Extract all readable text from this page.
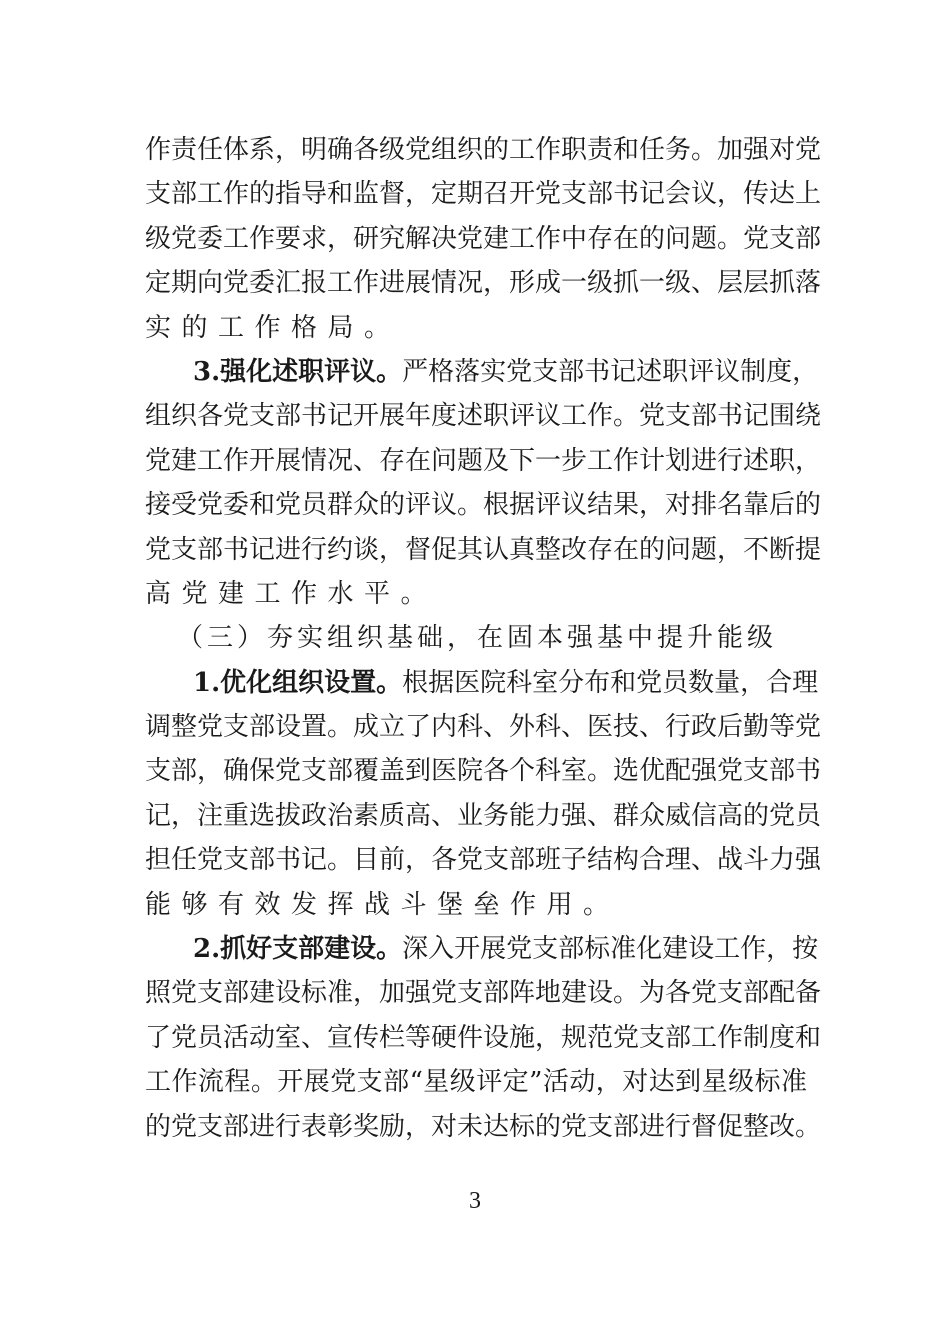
作责任体系，明确各级党组织的工作职责和任务。加强对党
支部工作的指导和监督，定期召开党支部书记会议，传达上
级党委工作要求，研究解决党建工作中存在的问题。党支部
定期向党委汇报工作进展情况，形成一级抓一级、层层抓落
实的工作格局。
3.强化述职评议。严格落实党支部书记述职评议制度，
组织各党支部书记开展年度述职评议工作。党支部书记围绕
党建工作开展情况、存在问题及下一步工作计划进行述职，
接受党委和党员群众的评议。根据评议结果，对排名靠后的
党支部书记进行约谈，督促其认真整改存在的问题，不断提
高党建工作水平。
（三）夯实组织基础，在固本强基中提升能级
1.优化组织设置。根据医院科室分布和党员数量，合理
调整党支部设置。成立了内科、外科、医技、行政后勤等党
支部，确保党支部覆盖到医院各个科室。选优配强党支部书
记，注重选拔政治素质高、业务能力强、群众威信高的党员
担任党支部书记。目前，各党支部班子结构合理、战斗力强
能够有效发挥战斗堡垒作用。
2.抓好支部建设。深入开展党支部标准化建设工作，按
照党支部建设标准，加强党支部阵地建设。为各党支部配备
了党员活动室、宣传栏等硬件设施，规范党支部工作制度和
工作流程。开展党支部“星级评定”活动，对达到星级标准
的党支部进行表彰奖励，对未达标的党支部进行督促整改。
3
